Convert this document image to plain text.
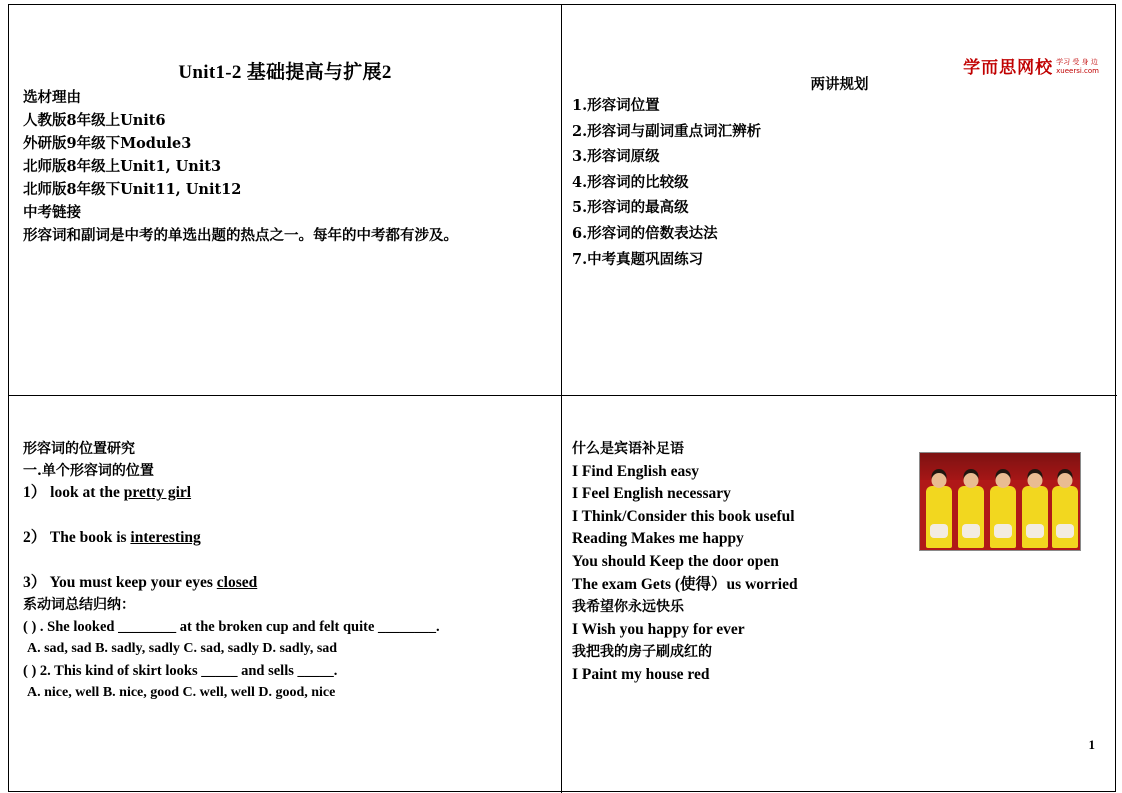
Unit1-2 基础提高与扩展2
选材理由
人教版8年级上Unit6
外研版9年级下Module3
北师版8年级上Unit1, Unit3
北师版8年级下Unit11, Unit12
中考链接
形容词和副词是中考的单选出题的热点之一。每年的中考都有涉及。
学而思网校 学习 受 身 边
xueersi.com
两讲规划
1.形容词位置
2.形容词与副词重点词汇辨析
3.形容词原级
4.形容词的比较级
5.形容词的最高级
6.形容词的倍数表达法
7.中考真题巩固练习
形容词的位置研究
一.单个形容词的位置
1） look at the pretty girl
2） The book is interesting
3） You must keep your eyes closed
系动词总结归纳：
( ) . She looked ________ at the broken cup and felt quite ________.
A. sad, sad B. sadly, sadly C. sad, sadly D. sadly, sad
( ) 2. This kind of skirt looks _____ and sells _____.
A. nice, well B. nice, good C. well, well D. good, nice
什么是宾语补足语
I Find English easy
I Feel English necessary
I Think/Consider this book useful
Reading Makes me happy
You should Keep the door open
The exam Gets (使得）us worried
我希望你永远快乐
I Wish you happy for ever
我把我的房子刷成红的
I Paint my house red
1
